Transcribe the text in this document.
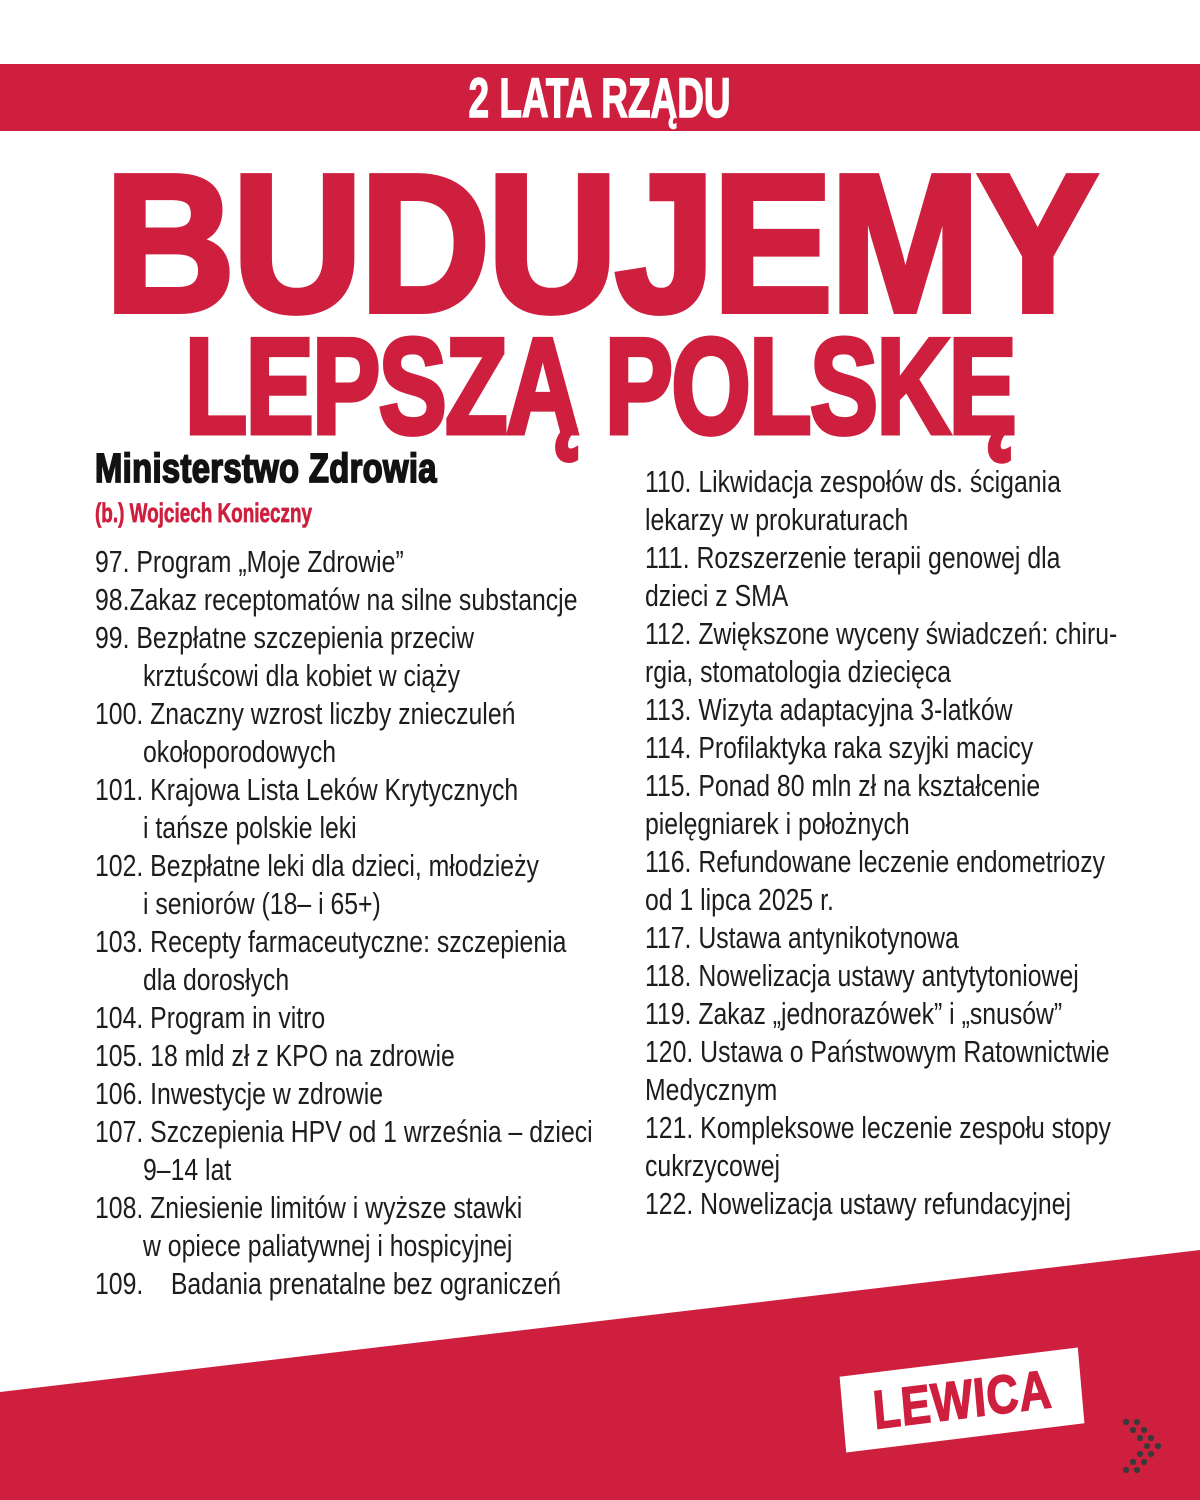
2 LATA RZĄDU
BUDUJEMY
LEPSZĄ POLSKĘ
Ministerstwo Zdrowia
(b.) Wojciech Konieczny
97. Program „Moje Zdrowie”
98.Zakaz receptomatów na silne substancje
99. Bezpłatne szczepienia przeciw
krztuścowi dla kobiet w ciąży
100. Znaczny wzrost liczby znieczuleń
okołoporodowych
101. Krajowa Lista Leków Krytycznych
i tańsze polskie leki
102. Bezpłatne leki dla dzieci, młodzieży
i seniorów (18– i 65+)
103. Recepty farmaceutyczne: szczepienia
dla dorosłych
104. Program in vitro
105. 18 mld zł z KPO na zdrowie
106. Inwestycje w zdrowie
107. Szczepienia HPV od 1 września – dzieci
9–14 lat
108. Zniesienie limitów i wyższe stawki
w opiece paliatywnej i hospicyjnej
109.    Badania prenatalne bez ograniczeń
110. Likwidacja zespołów ds. ścigania
lekarzy w prokuraturach
111. Rozszerzenie terapii genowej dla
dzieci z SMA
112. Zwiększone wyceny świadczeń: chiru-
rgia, stomatologia dziecięca
113. Wizyta adaptacyjna 3-latków
114. Profilaktyka raka szyjki macicy
115. Ponad 80 mln zł na kształcenie
pielęgniarek i położnych
116. Refundowane leczenie endometriozy
od 1 lipca 2025 r.
117. Ustawa antynikotynowa
118. Nowelizacja ustawy antytytoniowej
119. Zakaz „jednorazówek” i „snusów”
120. Ustawa o Państwowym Ratownictwie
Medycznym
121. Kompleksowe leczenie zespołu stopy
cukrzycowej
122. Nowelizacja ustawy refundacyjnej
LEWICA
